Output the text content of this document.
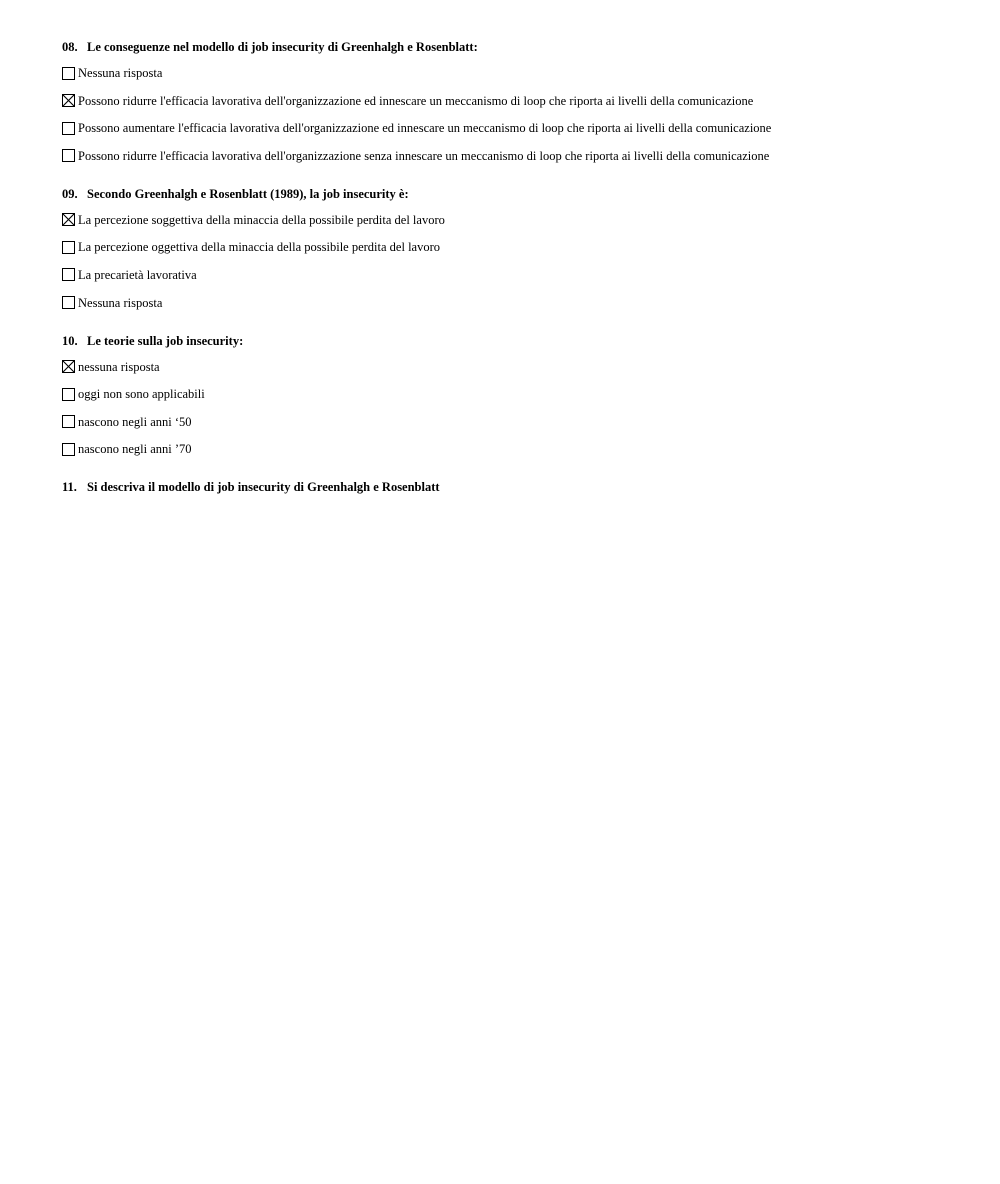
08. Le conseguenze nel modello di job insecurity di Greenhalgh e Rosenblatt:
Nessuna risposta
Possono ridurre l'efficacia lavorativa dell'organizzazione ed innescare un meccanismo di loop che riporta ai livelli della comunicazione
Possono aumentare l'efficacia lavorativa dell'organizzazione ed innescare un meccanismo di loop che riporta ai livelli della comunicazione
Possono ridurre l'efficacia lavorativa dell'organizzazione senza innescare un meccanismo di loop che riporta ai livelli della comunicazione
09. Secondo Greenhalgh e Rosenblatt (1989), la job insecurity è:
La percezione soggettiva della minaccia della possibile perdita del lavoro
La percezione oggettiva della minaccia della possibile perdita del lavoro
La precarietà lavorativa
Nessuna risposta
10. Le teorie sulla job insecurity:
nessuna risposta
oggi non sono applicabili
nascono negli anni ‘50
nascono negli anni ’70
11. Si descriva il modello di job insecurity di Greenhalgh e Rosenblatt
